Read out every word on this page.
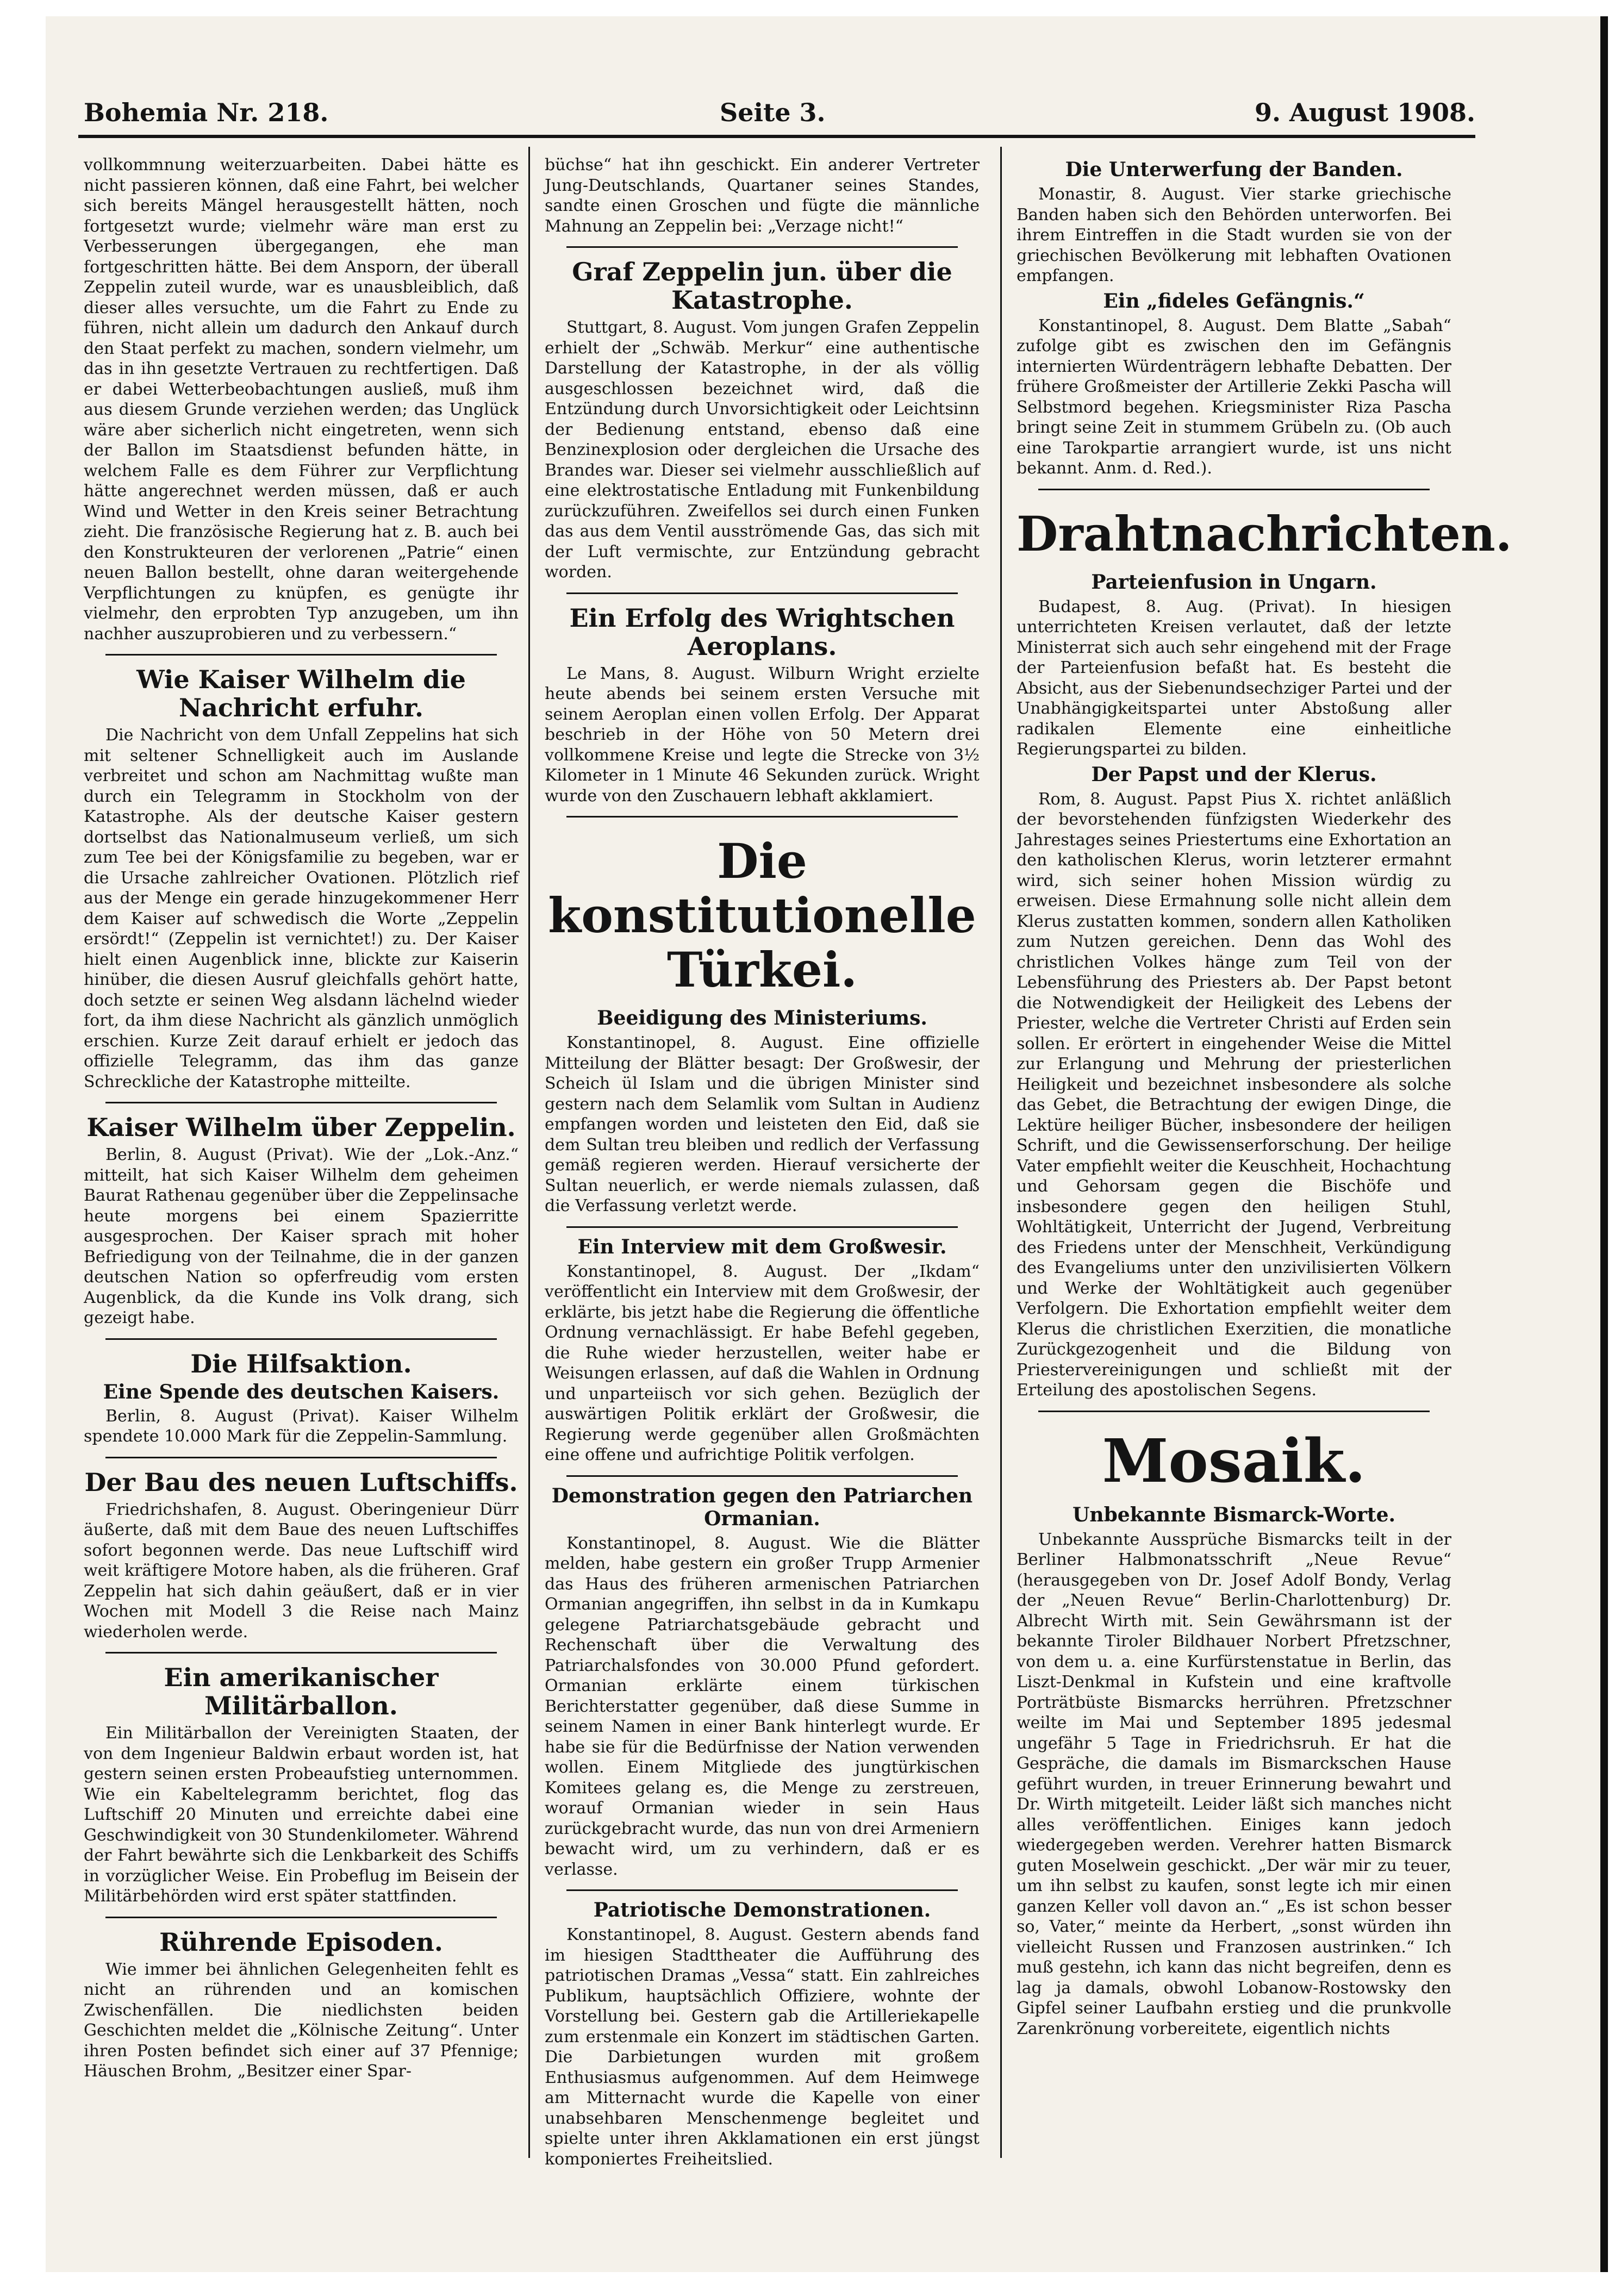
Bohemia Nr. 218.	Seite 3.	9. August 1908.

vollkommnung weiterzuarbeiten. Dabei hätte es nicht passieren können, daß eine Fahrt, bei welcher sich bereits Mängel herausgestellt hätten, noch fortgesetzt wurde; vielmehr wäre man erst zu Verbesserungen übergegangen, ehe man fortgeschritten hätte. Bei dem Ansporn, der überall Zeppelin zuteil wurde, war es unausbleiblich, daß dieser alles versuchte, um die Fahrt zu Ende zu führen, nicht allein um dadurch den Ankauf durch den Staat perfekt zu machen, sondern vielmehr, um das in ihn gesetzte Vertrauen zu rechtfertigen. Daß er dabei Wetterbeobachtungen ausließ, muß ihm aus diesem Grunde verziehen werden; das Unglück wäre aber sicherlich nicht eingetreten, wenn sich der Ballon im Staatsdienst befunden hätte, in welchem Falle es dem Führer zur Verpflichtung hätte angerechnet werden müssen, daß er auch Wind und Wetter in den Kreis seiner Betrachtung zieht. Die französische Regierung hat z. B. auch bei den Konstrukteuren der verlorenen „Patrie“ einen neuen Ballon bestellt, ohne daran weitergehende Verpflichtungen zu knüpfen, es genügte ihr vielmehr, den erprobten Typ anzugeben, um ihn nachher auszuprobieren und zu verbessern.“

Wie Kaiser Wilhelm die Nachricht erfuhr.

Die Nachricht von dem Unfall Zeppelins hat sich mit seltener Schnelligkeit auch im Auslande verbreitet und schon am Nachmittag wußte man durch ein Telegramm in Stockholm von der Katastrophe. Als der deutsche Kaiser gestern dortselbst das Nationalmuseum verließ, um sich zum Tee bei der Königsfamilie zu begeben, war er die Ursache zahlreicher Ovationen. Plötzlich rief aus der Menge ein gerade hinzugekommener Herr dem Kaiser auf schwedisch die Worte „Zeppelin ersördt!“ (Zeppelin ist vernichtet!) zu. Der Kaiser hielt einen Augenblick inne, blickte zur Kaiserin hinüber, die diesen Ausruf gleichfalls gehört hatte, doch setzte er seinen Weg alsdann lächelnd wieder fort, da ihm diese Nachricht als gänzlich unmöglich erschien. Kurze Zeit darauf erhielt er jedoch das offizielle Telegramm, das ihm das ganze Schreckliche der Katastrophe mitteilte.

Kaiser Wilhelm über Zeppelin.

Berlin, 8. August (Privat). Wie der „Lok.-Anz.“ mitteilt, hat sich Kaiser Wilhelm dem geheimen Baurat Rathenau gegenüber über die Zeppelinsache heute morgens bei einem Spazierritte ausgesprochen. Der Kaiser sprach mit hoher Befriedigung von der Teilnahme, die in der ganzen deutschen Nation so opferfreudig vom ersten Augenblick, da die Kunde ins Volk drang, sich gezeigt habe.

Die Hilfsaktion.
Eine Spende des deutschen Kaisers.

Berlin, 8. August (Privat). Kaiser Wilhelm spendete 10.000 Mark für die Zeppelin-Sammlung.

Der Bau des neuen Luftschiffs.

Friedrichshafen, 8. August. Oberingenieur Dürr äußerte, daß mit dem Baue des neuen Luftschiffes sofort begonnen werde. Das neue Luftschiff wird weit kräftigere Motore haben, als die früheren. Graf Zeppelin hat sich dahin geäußert, daß er in vier Wochen mit Modell 3 die Reise nach Mainz wiederholen werde.

Ein amerikanischer Militärballon.

Ein Militärballon der Vereinigten Staaten, der von dem Ingenieur Baldwin erbaut worden ist, hat gestern seinen ersten Probeaufstieg unternommen. Wie ein Kabeltelegramm berichtet, flog das Luftschiff 20 Minuten und erreichte dabei eine Geschwindigkeit von 30 Stundenkilometer. Während der Fahrt bewährte sich die Lenkbarkeit des Schiffs in vorzüglicher Weise. Ein Probeflug im Beisein der Militärbehörden wird erst später stattfinden.

Rührende Episoden.

Wie immer bei ähnlichen Gelegenheiten fehlt es nicht an rührenden und an komischen Zwischenfällen. Die niedlichsten beiden Geschichten meldet die „Kölnische Zeitung“. Unter ihren Posten befindet sich einer auf 37 Pfennige; Häuschen Brohm, „Besitzer einer Spar-

büchse“ hat ihn geschickt. Ein anderer Vertreter Jung-Deutschlands, Quartaner seines Standes, sandte einen Groschen und fügte die männliche Mahnung an Zeppelin bei: „Verzage nicht!“

Graf Zeppelin jun. über die Katastrophe.

Stuttgart, 8. August. Vom jungen Grafen Zeppelin erhielt der „Schwäb. Merkur“ eine authentische Darstellung der Katastrophe, in der als völlig ausgeschlossen bezeichnet wird, daß die Entzündung durch Unvorsichtigkeit oder Leichtsinn der Bedienung entstand, ebenso daß eine Benzinexplosion oder dergleichen die Ursache des Brandes war. Dieser sei vielmehr ausschließlich auf eine elektrostatische Entladung mit Funkenbildung zurückzuführen. Zweifellos sei durch einen Funken das aus dem Ventil ausströmende Gas, das sich mit der Luft vermischte, zur Entzündung gebracht worden.

Ein Erfolg des Wrightschen Aeroplans.

Le Mans, 8. August. Wilburn Wright erzielte heute abends bei seinem ersten Versuche mit seinem Aeroplan einen vollen Erfolg. Der Apparat beschrieb in der Höhe von 50 Metern drei vollkommene Kreise und legte die Strecke von 3½ Kilometer in 1 Minute 46 Sekunden zurück. Wright wurde von den Zuschauern lebhaft akklamiert.

Die konstitutionelle Türkei.
Beeidigung des Ministeriums.

Konstantinopel, 8. August. Eine offizielle Mitteilung der Blätter besagt: Der Großwesir, der Scheich ül Islam und die übrigen Minister sind gestern nach dem Selamlik vom Sultan in Audienz empfangen worden und leisteten den Eid, daß sie dem Sultan treu bleiben und redlich der Verfassung gemäß regieren werden. Hierauf versicherte der Sultan neuerlich, er werde niemals zulassen, daß die Verfassung verletzt werde.

Ein Interview mit dem Großwesir.

Konstantinopel, 8. August. Der „Ikdam“ veröffentlicht ein Interview mit dem Großwesir, der erklärte, bis jetzt habe die Regierung die öffentliche Ordnung vernachlässigt. Er habe Befehl gegeben, die Ruhe wieder herzustellen, weiter habe er Weisungen erlassen, auf daß die Wahlen in Ordnung und unparteiisch vor sich gehen. Bezüglich der auswärtigen Politik erklärt der Großwesir, die Regierung werde gegenüber allen Großmächten eine offene und aufrichtige Politik verfolgen.

Demonstration gegen den Patriarchen Ormanian.

Konstantinopel, 8. August. Wie die Blätter melden, habe gestern ein großer Trupp Armenier das Haus des früheren armenischen Patriarchen Ormanian angegriffen, ihn selbst in da in Kumkapu gelegene Patriarchatsgebäude gebracht und Rechenschaft über die Verwaltung des Patriarchalsfondes von 30.000 Pfund gefordert. Ormanian erklärte einem türkischen Berichterstatter gegenüber, daß diese Summe in seinem Namen in einer Bank hinterlegt wurde. Er habe sie für die Bedürfnisse der Nation verwenden wollen. Einem Mitgliede des jungtürkischen Komitees gelang es, die Menge zu zerstreuen, worauf Ormanian wieder in sein Haus zurückgebracht wurde, das nun von drei Armeniern bewacht wird, um zu verhindern, daß er es verlasse.

Patriotische Demonstrationen.

Konstantinopel, 8. August. Gestern abends fand im hiesigen Stadttheater die Aufführung des patriotischen Dramas „Vessa“ statt. Ein zahlreiches Publikum, hauptsächlich Offiziere, wohnte der Vorstellung bei. Gestern gab die Artilleriekapelle zum erstenmale ein Konzert im städtischen Garten. Die Darbietungen wurden mit großem Enthusiasmus aufgenommen. Auf dem Heimwege am Mitternacht wurde die Kapelle von einer unabsehbaren Menschenmenge begleitet und spielte unter ihren Akklamationen ein erst jüngst komponiertes Freiheitslied.

Die Unterwerfung der Banden.

Monastir, 8. August. Vier starke griechische Banden haben sich den Behörden unterworfen. Bei ihrem Eintreffen in die Stadt wurden sie von der griechischen Bevölkerung mit lebhaften Ovationen empfangen.

Ein „fideles Gefängnis.“

Konstantinopel, 8. August. Dem Blatte „Sabah“ zufolge gibt es zwischen den im Gefängnis internierten Würdenträgern lebhafte Debatten. Der frühere Großmeister der Artillerie Zekki Pascha will Selbstmord begehen. Kriegsminister Riza Pascha bringt seine Zeit in stummem Grübeln zu. (Ob auch eine Tarokpartie arrangiert wurde, ist uns nicht bekannt. Anm. d. Red.).

Drahtnachrichten.
Parteienfusion in Ungarn.

Budapest, 8. Aug. (Privat). In hiesigen unterrichteten Kreisen verlautet, daß der letzte Ministerrat sich auch sehr eingehend mit der Frage der Parteienfusion befaßt hat. Es besteht die Absicht, aus der Siebenundsechziger Partei und der Unabhängigkeitspartei unter Abstoßung aller radikalen Elemente eine einheitliche Regierungspartei zu bilden.

Der Papst und der Klerus.

Rom, 8. August. Papst Pius X. richtet anläßlich der bevorstehenden fünfzigsten Wiederkehr des Jahrestages seines Priestertums eine Exhortation an den katholischen Klerus, worin letzterer ermahnt wird, sich seiner hohen Mission würdig zu erweisen. Diese Ermahnung solle nicht allein dem Klerus zustatten kommen, sondern allen Katholiken zum Nutzen gereichen. Denn das Wohl des christlichen Volkes hänge zum Teil von der Lebensführung des Priesters ab. Der Papst betont die Notwendigkeit der Heiligkeit des Lebens der Priester, welche die Vertreter Christi auf Erden sein sollen. Er erörtert in eingehender Weise die Mittel zur Erlangung und Mehrung der priesterlichen Heiligkeit und bezeichnet insbesondere als solche das Gebet, die Betrachtung der ewigen Dinge, die Lektüre heiliger Bücher, insbesondere der heiligen Schrift, und die Gewissenserforschung. Der heilige Vater empfiehlt weiter die Keuschheit, Hochachtung und Gehorsam gegen die Bischöfe und insbesondere gegen den heiligen Stuhl, Wohltätigkeit, Unterricht der Jugend, Verbreitung des Friedens unter der Menschheit, Verkündigung des Evangeliums unter den unzivilisierten Völkern und Werke der Wohltätigkeit auch gegenüber Verfolgern. Die Exhortation empfiehlt weiter dem Klerus die christlichen Exerzitien, die monatliche Zurückgezogenheit und die Bildung von Priestervereinigungen und schließt mit der Erteilung des apostolischen Segens.

Mosaik.
Unbekannte Bismarck-Worte.

Unbekannte Aussprüche Bismarcks teilt in der Berliner Halbmonatsschrift „Neue Revue“ (herausgegeben von Dr. Josef Adolf Bondy, Verlag der „Neuen Revue“ Berlin-Charlottenburg) Dr. Albrecht Wirth mit. Sein Gewährsmann ist der bekannte Tiroler Bildhauer Norbert Pfretzschner, von dem u. a. eine Kurfürstenstatue in Berlin, das Liszt-Denkmal in Kufstein und eine kraftvolle Porträtbüste Bismarcks herrühren. Pfretzschner weilte im Mai und September 1895 jedesmal ungefähr 5 Tage in Friedrichsruh. Er hat die Gespräche, die damals im Bismarckschen Hause geführt wurden, in treuer Erinnerung bewahrt und Dr. Wirth mitgeteilt. Leider läßt sich manches nicht alles veröffentlichen. Einiges kann jedoch wiedergegeben werden. Verehrer hatten Bismarck guten Moselwein geschickt. „Der wär mir zu teuer, um ihn selbst zu kaufen, sonst legte ich mir einen ganzen Keller voll davon an.“ „Es ist schon besser so, Vater,“ meinte da Herbert, „sonst würden ihn vielleicht Russen und Franzosen austrinken.“ Ich muß gestehn, ich kann das nicht begreifen, denn es lag ja damals, obwohl Lobanow-Rostowsky den Gipfel seiner Laufbahn erstieg und die prunkvolle Zarenkrönung vorbereitete, eigentlich nichts
